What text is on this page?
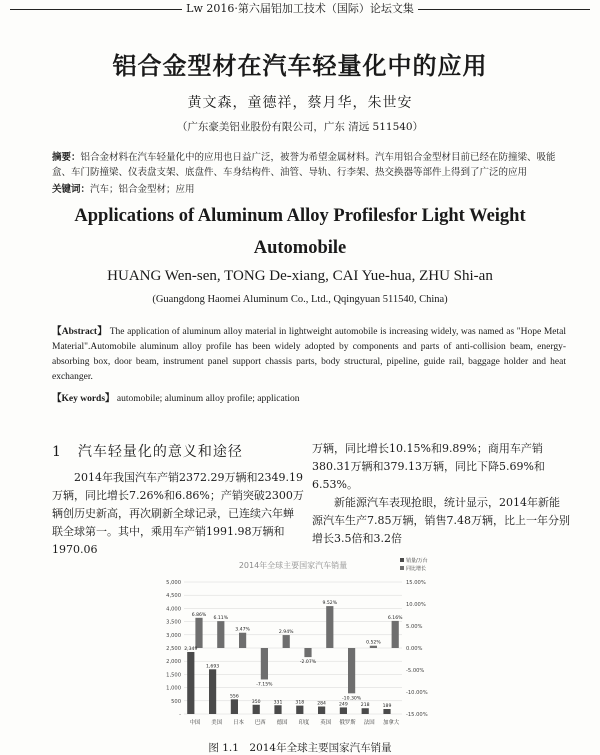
Lw 2016·第六届铝加工技术（国际）论坛文集
铝合金型材在汽车轻量化中的应用
黄文森，童德祥，蔡月华，朱世安
（广东豪美铝业股份有限公司，广东 清远 511540）
摘要：铝合金材料在汽车轻量化中的应用也日益广泛，被誉为希望金属材料。汽车用铝合金型材目前已经在防撞梁、吸能盒、车门防撞梁、仪表盘支架、底盘件、车身结构件、油管、导轨、行李架、热交换器等部件上得到了广泛的应用
关键词：汽车；铝合金型材；应用
Applications of Aluminum Alloy Profilesfor Light Weight
Automobile
HUANG Wen-sen, TONG De-xiang, CAI Yue-hua, ZHU Shi-an
(Guangdong Haomei Aluminum Co., Ltd., Qqingyuan 511540, China)
【Abstract】 The application of aluminum alloy material in lightweight automobile is increasing widely, was named as "Hope Metal Material".Automobile aluminum alloy profile has been widely adopted by components and parts of anti-collision beam, energy-absorbing box, door beam, instrument panel support chassis parts, body structural, pipeline, guide rail, baggage holder and heat exchanger.
【Key words】 automobile; aluminum alloy profile; application
1 汽车轻量化的意义和途径

2014年我国汽车产销2372.29万辆和2349.19万辆，同比增长7.26%和6.86%；产销突破2300万辆创历史新高，再次刷新全球记录，已连续六年蝉联全球第一。其中，乘用车产销1991.98万辆和1970.06

万辆，同比增长10.15%和9.89%；商用车产销380.31万辆和379.13万辆，同比下降5.69%和6.53%。

新能源汽车表现抢眼，统计显示，2014年新能源汽车生产7.85万辆，销售7.48万辆，比上一年分别增长3.5倍和3.2倍

2014年全球主要国家汽车销量
5,000
4,500
4,000
3,500
3,000
2,500
2,000
1,500
1,000
500
-
15.00%
10.00%
5.00%
0.00%
-5.00%
-10.00%
-15.00%
6.86%
2,349
中国
6.11%
1,693
美国
3.47%
556
日本
-7.15%
350
巴西
2.94%
331
德国
-2.07%
318
印度
9.52%
284
英国
-10.30%
249
俄罗斯
0.52%
218
法国
6.16%
189
加拿大
销量/万台
同比增长
图 1.1　2014年全球主要国家汽车销量
